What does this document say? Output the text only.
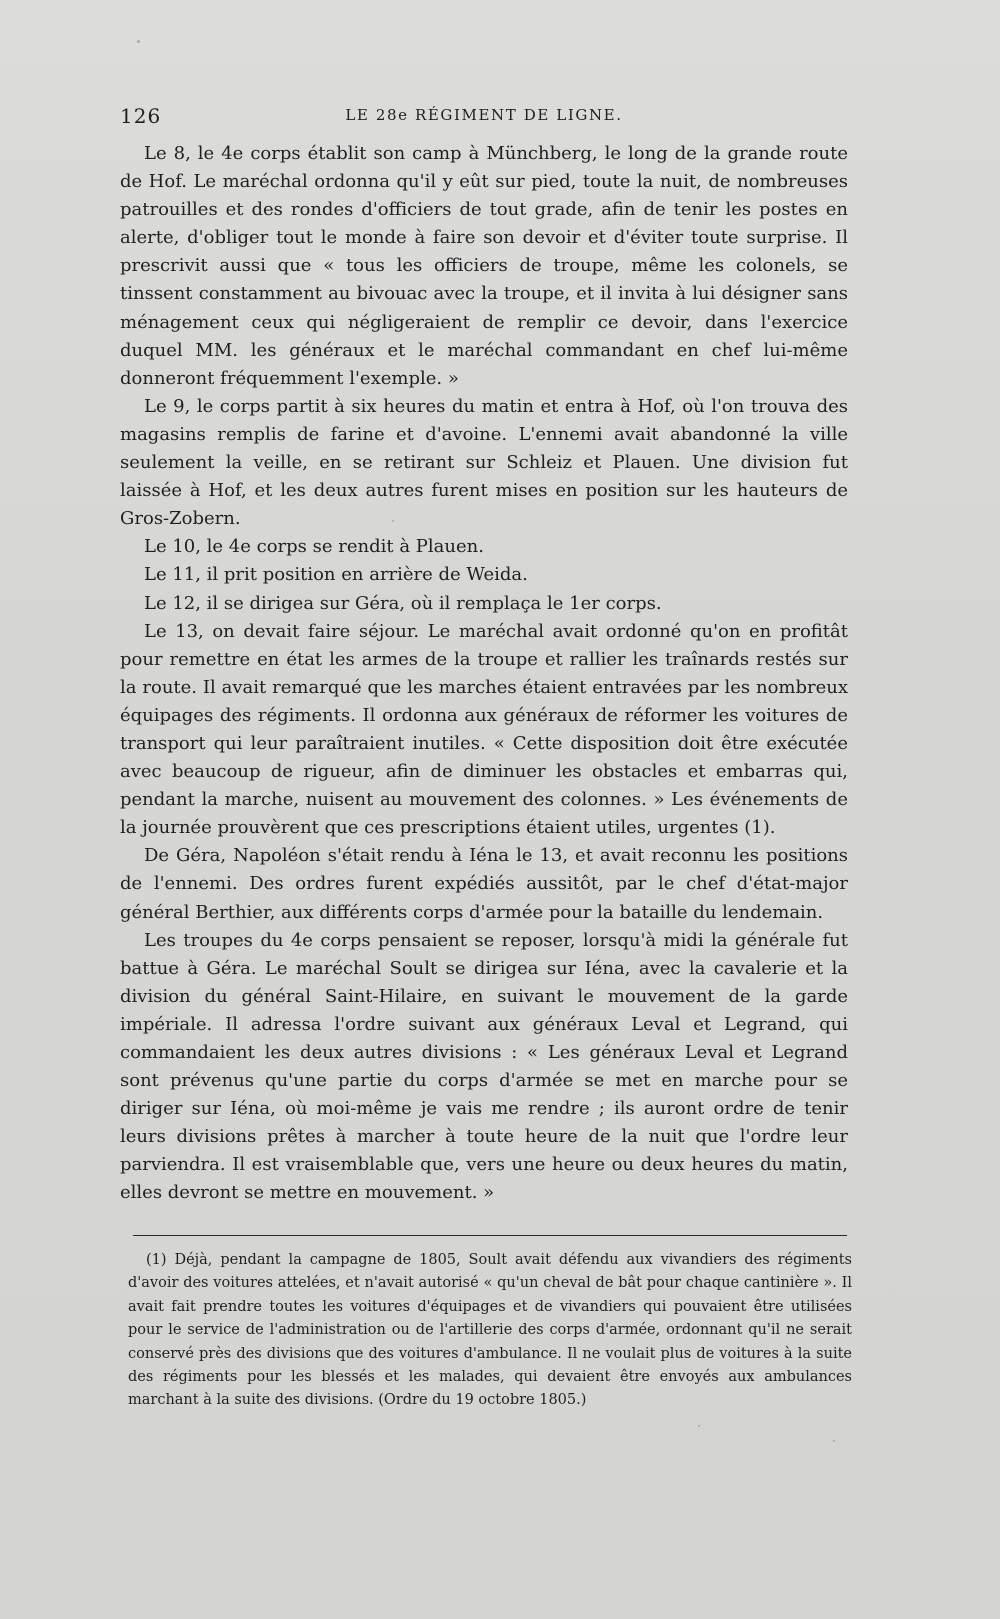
126	LE 28e RÉGIMENT DE LIGNE.

Le 8, le 4e corps établit son camp à Münchberg, le long de la grande route de Hof. Le maréchal ordonna qu'il y eût sur pied, toute la nuit, de nombreuses patrouilles et des rondes d'officiers de tout grade, afin de tenir les postes en alerte, d'obliger tout le monde à faire son devoir et d'éviter toute surprise. Il prescrivit aussi que « tous les officiers de troupe, même les colonels, se tinssent constamment au bivouac avec la troupe, et il invita à lui désigner sans ménagement ceux qui négligeraient de remplir ce devoir, dans l'exercice duquel MM. les généraux et le maréchal commandant en chef lui-même donneront fréquemment l'exemple. »

Le 9, le corps partit à six heures du matin et entra à Hof, où l'on trouva des magasins remplis de farine et d'avoine. L'ennemi avait abandonné la ville seulement la veille, en se retirant sur Schleiz et Plauen. Une division fut laissée à Hof, et les deux autres furent mises en position sur les hauteurs de Gros-Zobern.

Le 10, le 4e corps se rendit à Plauen.

Le 11, il prit position en arrière de Weida.

Le 12, il se dirigea sur Géra, où il remplaça le 1er corps.

Le 13, on devait faire séjour. Le maréchal avait ordonné qu'on en profitât pour remettre en état les armes de la troupe et rallier les traînards restés sur la route. Il avait remarqué que les marches étaient entravées par les nombreux équipages des régiments. Il ordonna aux généraux de réformer les voitures de transport qui leur paraîtraient inutiles. « Cette disposition doit être exécutée avec beaucoup de rigueur, afin de diminuer les obstacles et embarras qui, pendant la marche, nuisent au mouvement des colonnes. » Les événements de la journée prouvèrent que ces prescriptions étaient utiles, urgentes (1).

De Géra, Napoléon s'était rendu à Iéna le 13, et avait reconnu les positions de l'ennemi. Des ordres furent expédiés aussitôt, par le chef d'état-major général Berthier, aux différents corps d'armée pour la bataille du lendemain.

Les troupes du 4e corps pensaient se reposer, lorsqu'à midi la générale fut battue à Géra. Le maréchal Soult se dirigea sur Iéna, avec la cavalerie et la division du général Saint-Hilaire, en suivant le mouvement de la garde impériale. Il adressa l'ordre suivant aux généraux Leval et Legrand, qui commandaient les deux autres divisions : « Les généraux Leval et Legrand sont prévenus qu'une partie du corps d'armée se met en marche pour se diriger sur Iéna, où moi-même je vais me rendre ; ils auront ordre de tenir leurs divisions prêtes à marcher à toute heure de la nuit que l'ordre leur parviendra. Il est vraisemblable que, vers une heure ou deux heures du matin, elles devront se mettre en mouvement. »

(1) Déjà, pendant la campagne de 1805, Soult avait défendu aux vivandiers des régiments d'avoir des voitures attelées, et n'avait autorisé « qu'un cheval de bât pour chaque cantinière ». Il avait fait prendre toutes les voitures d'équipages et de vivandiers qui pouvaient être utilisées pour le service de l'administration ou de l'artillerie des corps d'armée, ordonnant qu'il ne serait conservé près des divisions que des voitures d'ambulance. Il ne voulait plus de voitures à la suite des régiments pour les blessés et les malades, qui devaient être envoyés aux ambulances marchant à la suite des divisions. (Ordre du 19 octobre 1805.)
